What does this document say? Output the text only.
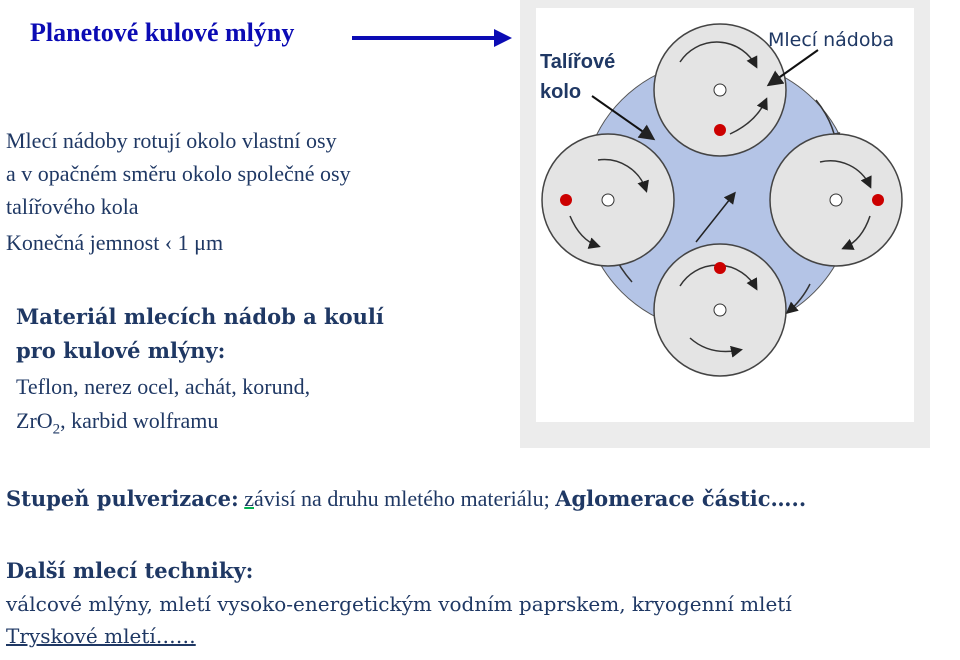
Planetové kulové mlýny
Mlecí nádoby rotují okolo vlastní osy
a v opačném směru okolo společné osy
talířového kola
Konečná jemnost ‹ 1 μm
Materiál mlecích nádob a koulí
pro kulové mlýny:
Teflon, nerez ocel, achát, korund,
ZrO$_2$, karbid wolframu
Talířové
kolo
Mlecí nádoba
Stupeň pulverizace: závisí na druhu mletého materiálu; Aglomerace částic…..
Další mlecí techniky:
válcové mlýny, mletí vysoko-energetickým vodním paprskem, kryogenní mletí
Tryskové mletí……
